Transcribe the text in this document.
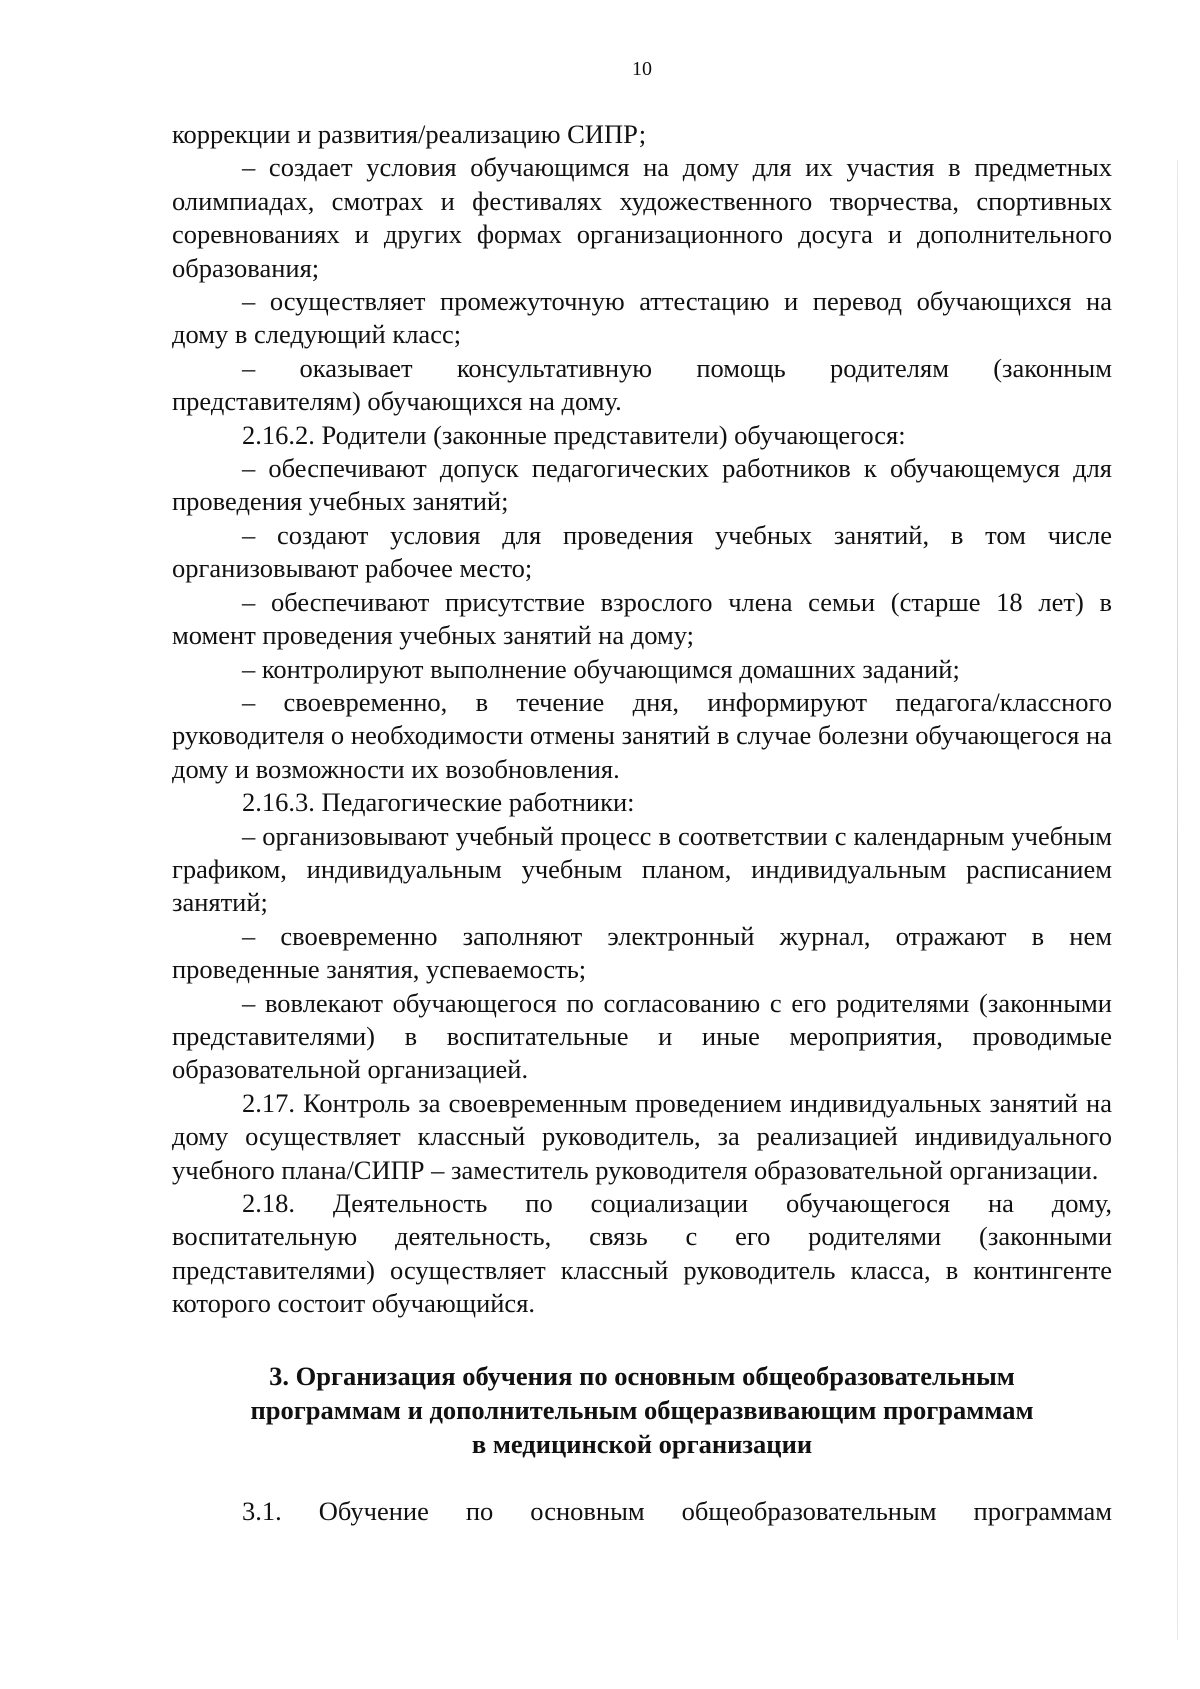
10

коррекции и развития/реализацию СИПР;

– создает условия обучающимся на дому для их участия в предметных олимпиадах, смотрах и фестивалях художественного творчества, спортивных соревнованиях и других формах организационного досуга и дополнительного образования;

– осуществляет промежуточную аттестацию и перевод обучающихся на дому в следующий класс;

– оказывает консультативную помощь родителям (законным представителям) обучающихся на дому.

2.16.2. Родители (законные представители) обучающегося:

– обеспечивают допуск педагогических работников к обучающемуся для проведения учебных занятий;

– создают условия для проведения учебных занятий, в том числе организовывают рабочее место;

– обеспечивают присутствие взрослого члена семьи (старше 18 лет) в момент проведения учебных занятий на дому;

– контролируют выполнение обучающимся домашних заданий;

– своевременно, в течение дня, информируют педагога/классного руководителя о необходимости отмены занятий в случае болезни обучающегося на дому и возможности их возобновления.

2.16.3. Педагогические работники:

– организовывают учебный процесс в соответствии с календарным учебным графиком, индивидуальным учебным планом, индивидуальным расписанием занятий;

– своевременно заполняют электронный журнал, отражают в нем проведенные занятия, успеваемость;

– вовлекают обучающегося по согласованию с его родителями (законными представителями) в воспитательные и иные мероприятия, проводимые образовательной организацией.

2.17. Контроль за своевременным проведением индивидуальных занятий на дому осуществляет классный руководитель, за реализацией индивидуального учебного плана/СИПР – заместитель руководителя образовательной организации.

2.18. Деятельность по социализации обучающегося на дому, воспитательную деятельность, связь с его родителями (законными представителями) осуществляет классный руководитель класса, в контингенте которого состоит обучающийся.

3. Организация обучения по основным общеобразовательным
программам и дополнительным общеразвивающим программам
в медицинской организации

3.1. Обучение по основным общеобразовательным программам
